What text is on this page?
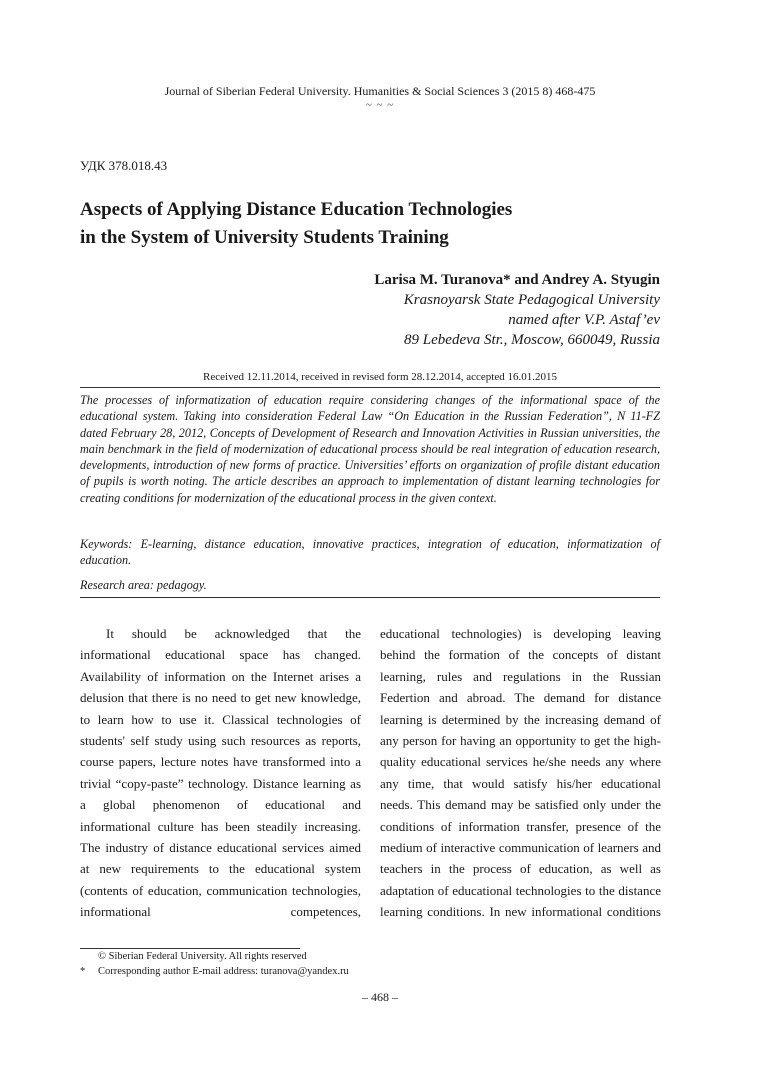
Journal of Siberian Federal University. Humanities & Social Sciences 3 (2015 8) 468-475
~ ~ ~
УДК 378.018.43
Aspects of Applying Distance Education Technologies
in the System of University Students Training
Larisa M. Turanova* and Andrey A. Styugin
Krasnoyarsk State Pedagogical University
named after V.P. Astaf’ev
89 Lebedeva Str., Moscow, 660049, Russia
Received 12.11.2014, received in revised form 28.12.2014, accepted 16.01.2015
The processes of informatization of education require considering changes of the informational space of the educational system. Taking into consideration Federal Law “On Education in the Russian Federation”, N 11-FZ dated February 28, 2012, Concepts of Development of Research and Innovation Activities in Russian universities, the main benchmark in the field of modernization of educational process should be real integration of education research, developments, introduction of new forms of practice. Universities’ efforts on organization of profile distant education of pupils is worth noting. The article describes an approach to implementation of distant learning technologies for creating conditions for modernization of the educational process in the given context.
Keywords: E-learning, distance education, innovative practices, integration of education, informatization of education.
Research area: pedagogy.
It should be acknowledged that the informational educational space has changed. Availability of information on the Internet arises a delusion that there is no need to get new knowledge, to learn how to use it. Classical technologies of students' self study using such resources as reports, course papers, lecture notes have transformed into a trivial “copy-paste” technology. Distance learning as a global phenomenon of educational and informational culture has been steadily increasing. The industry of distance educational services aimed at new requirements to the educational system (contents of education, communication technologies, informational competences,
educational technologies) is developing leaving behind the formation of the concepts of distant learning, rules and regulations in the Russian Federtion and abroad. The demand for distance learning is determined by the increasing demand of any person for having an opportunity to get the high-quality educational services he/she needs any where any time, that would satisfy his/her educational needs. This demand may be satisfied only under the conditions of information transfer, presence of the medium of interactive communication of learners and teachers in the process of education, as well as adaptation of educational technologies to the distance learning conditions. In new informational conditions
© Siberian Federal University. All rights reserved
* Corresponding author E-mail address: turanova@yandex.ru
– 468 –
